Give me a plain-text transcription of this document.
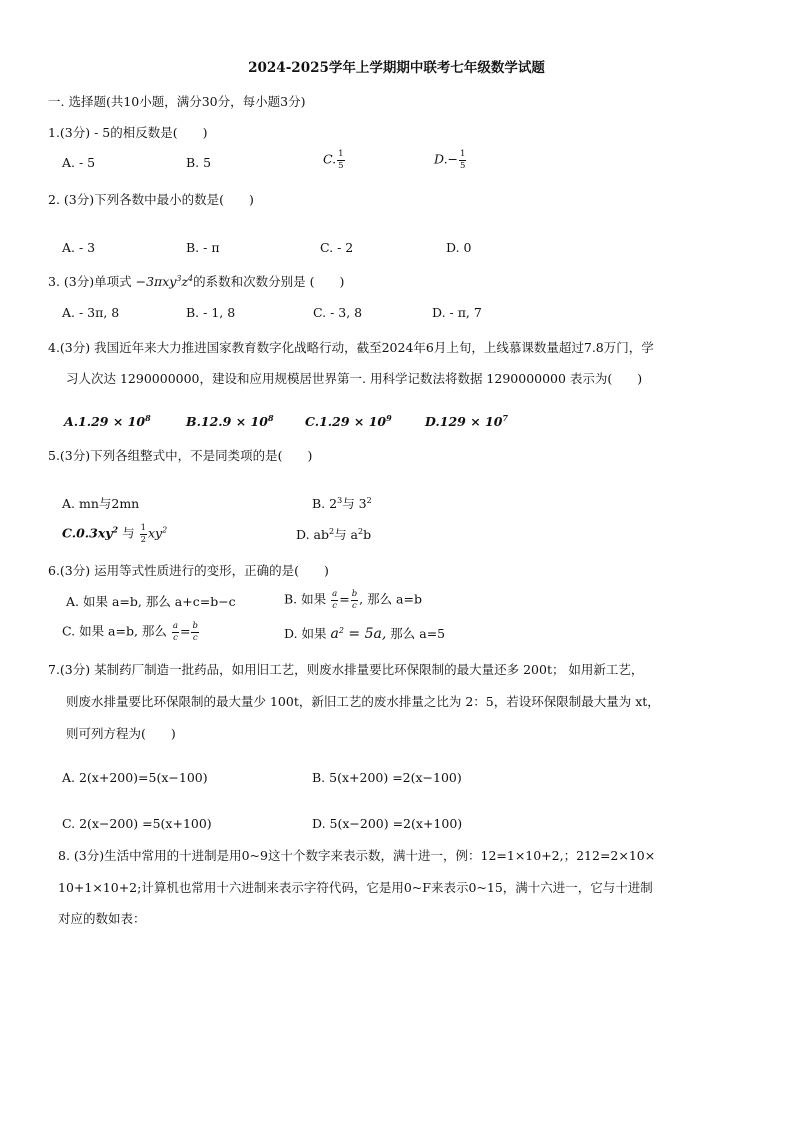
2024-2025学年上学期期中联考七年级数学试题
一. 选择题(共10小题，满分30分，每小题3分)
1.(3分) - 5的相反数是(　　)
A. - 5	B. 5	C. $\frac{1}{5}$	$D.- \frac{1}{5}$
2. (3分)下列各数中最小的数是(　　)
A. - 3	B. - π	C. - 2	D. 0
3. (3分)单项式 $-3\pi xy^3z^4$的系数和次数分别是 (　　)
A. - 3π, 8	B. - 1, 8	C. - 3, 8	D. - π, 7
4.(3分) 我国近年来大力推进国家教育数字化战略行动，截至2024年6月上旬，上线慕课数量超过7.8万门，学
习人次达 1290000000，建设和应用规模居世界第一. 用科学记数法将数据 1290000000 表示为(　　)
$A.1.29 \times 10^8$	$B.12.9 \times 10^8$	$C.1.29 \times 10^9$	$D.129 \times 10^7$
5.(3分)下列各组整式中，不是同类项的是(　　)
A. mn与2mn	B. $2^3$与 $3^2$
$C.0.3xy^2$ 与 $\frac{1}{2} xy^2$	D. $ab^2$与 $a^2b$
6.(3分) 运用等式性质进行的变形，正确的是(　　)
A. 如果 a=b, 那么 a+c=b−c	B. 如果 $\frac{a}{c} = \frac{b}{c}$ , 那么 a=b
C. 如果 a=b, 那么 $\frac{a}{c} = \frac{b}{c}$	D. 如果 $a^2 = 5a$, 那么 a=5
7.(3分) 某制药厂制造一批药品，如用旧工艺，则废水排量要比环保限制的最大量还多 200t； 如用新工艺，
则废水排量要比环保限制的最大量少 100t，新旧工艺的废水排量之比为 2：5，若设环保限制最大量为 xt，
则可列方程为(　　)
A. 2(x+200)=5(x−100)	B. 5(x+200) =2(x−100)
C. 2(x−200) =5(x+100)	D. 5(x−200) =2(x+100)
8. (3分)生活中常用的十进制是用0~9这十个数字来表示数，满十进一，例：12=1×10+2,；212=2×10×
10+1×10+2;计算机也常用十六进制来表示字符代码，它是用0~F来表示0~15，满十六进一，它与十进制
对应的数如表：
